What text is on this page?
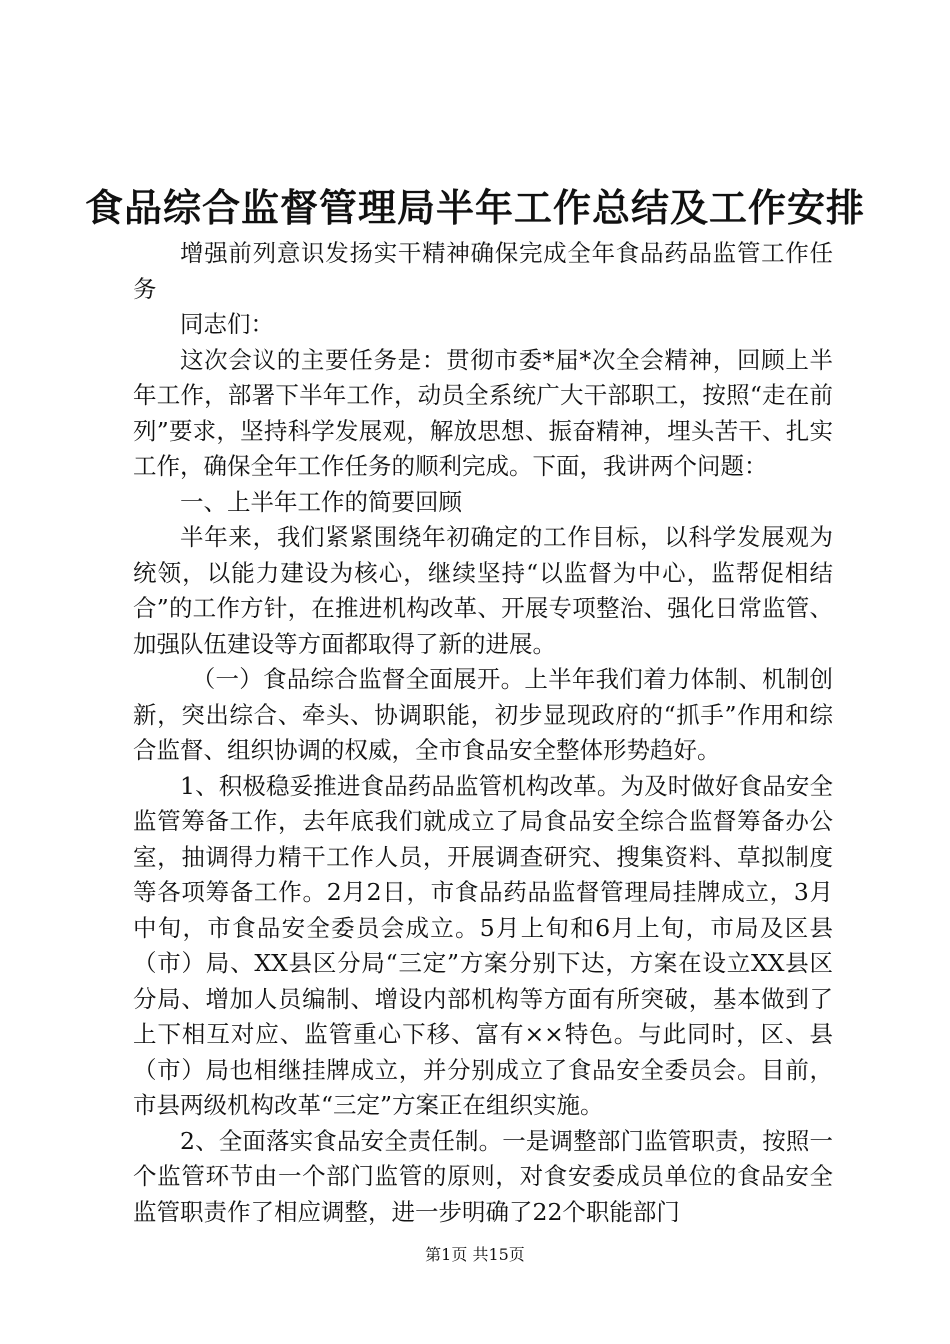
食品综合监督管理局半年工作总结及工作安排

增强前列意识发扬实干精神确保完成全年食品药品监管工作任务

同志们：

这次会议的主要任务是：贯彻市委*届*次全会精神，回顾上半年工作，部署下半年工作，动员全系统广大干部职工，按照“走在前列”要求，坚持科学发展观，解放思想、振奋精神，埋头苦干、扎实工作，确保全年工作任务的顺利完成。下面，我讲两个问题：

一、上半年工作的简要回顾

半年来，我们紧紧围绕年初确定的工作目标，以科学发展观为统领，以能力建设为核心，继续坚持“以监督为中心，监帮促相结合”的工作方针，在推进机构改革、开展专项整治、强化日常监管、加强队伍建设等方面都取得了新的进展。

（一）食品综合监督全面展开。上半年我们着力体制、机制创新，突出综合、牵头、协调职能，初步显现政府的“抓手”作用和综合监督、组织协调的权威，全市食品安全整体形势趋好。

1、积极稳妥推进食品药品监管机构改革。为及时做好食品安全监管筹备工作，去年底我们就成立了局食品安全综合监督筹备办公室，抽调得力精干工作人员，开展调查研究、搜集资料、草拟制度等各项筹备工作。2月2日，市食品药品监督管理局挂牌成立，3月中旬，市食品安全委员会成立。5月上旬和6月上旬，市局及区县（市）局、XX县区分局“三定”方案分别下达，方案在设立XX县区分局、增加人员编制、增设内部机构等方面有所突破，基本做到了上下相互对应、监管重心下移、富有××特色。与此同时，区、县（市）局也相继挂牌成立，并分别成立了食品安全委员会。目前，市县两级机构改革“三定”方案正在组织实施。

2、全面落实食品安全责任制。一是调整部门监管职责，按照一个监管环节由一个部门监管的原则，对食安委成员单位的食品安全监管职责作了相应调整，进一步明确了22个职能部门

第1页 共15页
